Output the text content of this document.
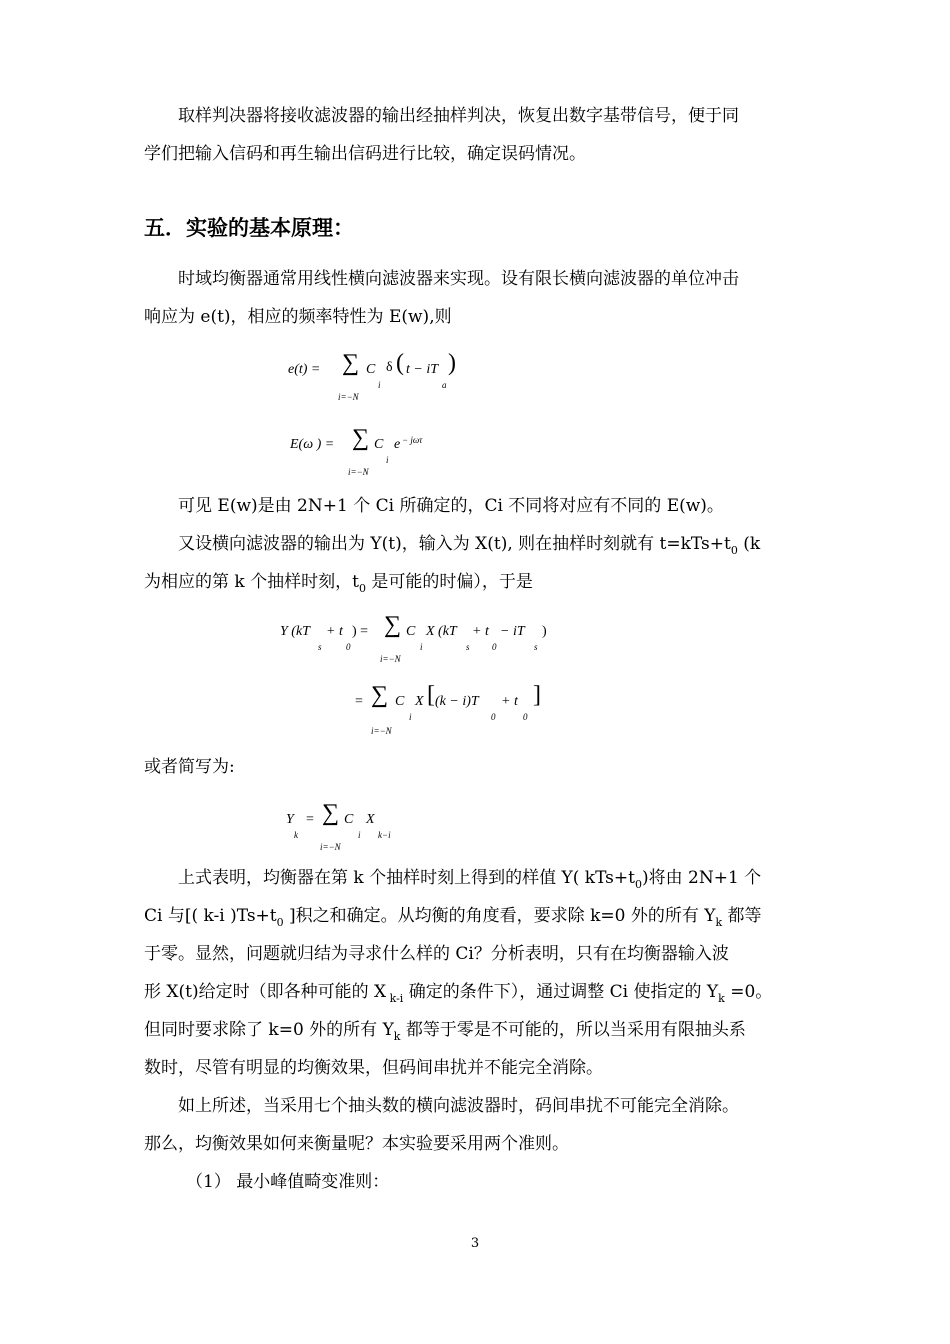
取样判决器将接收滤波器的输出经抽样判决，恢复出数字基带信号，便于同
学们把输入信码和再生输出信码进行比较，确定误码情况。
五．实验的基本原理：
时域均衡器通常用线性横向滤波器来实现。设有限长横向滤波器的单位冲击
响应为 e(t)，相应的频率特性为 E(w),则
e(t) = ∑ C
i
δ ( t − iT
a
)
i=−N
E(ω ) = ∑ C
i
e − jωτ
i=−N
可见 E(w)是由 2N+1 个 Ci 所确定的，Ci 不同将对应有不同的 E(w)。
又设横向滤波器的输出为 Y(t)，输入为 X(t), 则在抽样时刻就有 $t=kTs+t_0$ (k
为相应的第 k 个抽样时刻，$t_0$ 是可能的时偏），于是
Y (kT
s
+ t
0
) = ∑ C
i
X (kT
s
+ t
0
− iT
s
)
i=−N
= ∑ C
i
X [ (k − i)T
0
+ t
0
]
i=−N
或者简写为:
Y
k
= ∑ C
i
X
k−i
i=−N
上式表明，均衡器在第 k 个抽样时刻上得到的样值 Y( $kTs+t_0$)将由 2N+1 个
Ci 与[( k-i )$Ts+t_0$ ]积之和确定。从均衡的角度看，要求除 k=0 外的所有 $Y_k$ 都等
于零。显然，问题就归结为寻求什么样的 Ci？分析表明，只有在均衡器输入波
形 X(t)给定时（即各种可能的 X $_{k-i}$ 确定的条件下），通过调整 Ci 使指定的 $Y_k =0$。
但同时要求除了 k=0 外的所有 $Y_k$ 都等于零是不可能的，所以当采用有限抽头系
数时，尽管有明显的均衡效果，但码间串扰并不能完全消除。
如上所述，当采用七个抽头数的横向滤波器时，码间串扰不可能完全消除。
那么，均衡效果如何来衡量呢？本实验要采用两个准则。
（1） 最小峰值畸变准则：
3
